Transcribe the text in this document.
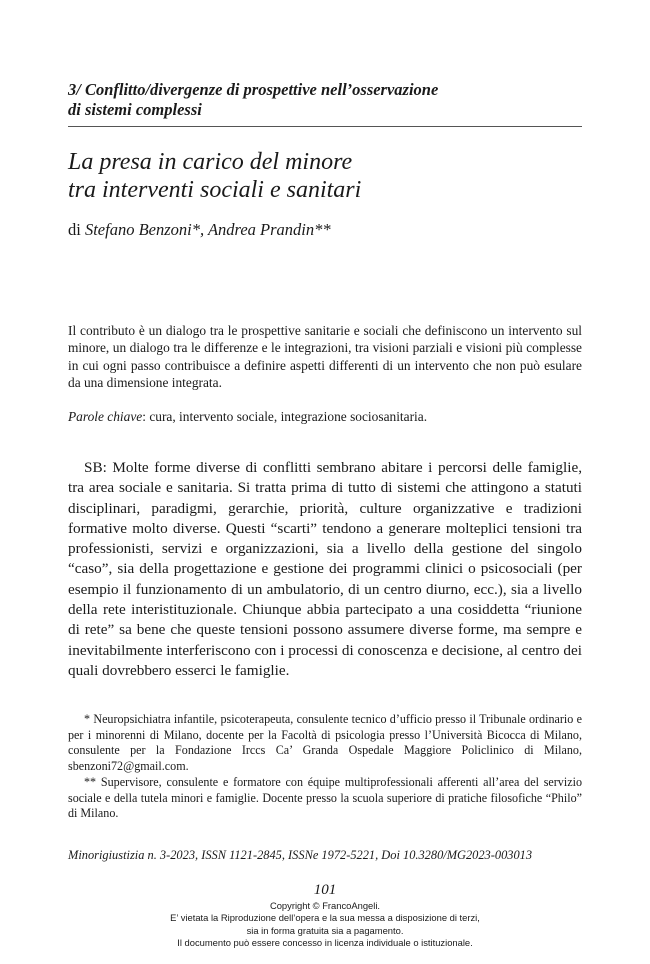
3/ Conflitto/divergenze di prospettive nell’osservazione
di sistemi complessi
La presa in carico del minore
tra interventi sociali e sanitari
di Stefano Benzoni*, Andrea Prandin**
Il contributo è un dialogo tra le prospettive sanitarie e sociali che definiscono un intervento sul minore, un dialogo tra le differenze e le integrazioni, tra visioni parziali e visioni più complesse in cui ogni passo contribuisce a definire aspetti differenti di un intervento che non può esulare da una dimensione integrata.
Parole chiave: cura, intervento sociale, integrazione sociosanitaria.
SB: Molte forme diverse di conflitti sembrano abitare i percorsi delle famiglie, tra area sociale e sanitaria. Si tratta prima di tutto di sistemi che attingono a statuti disciplinari, paradigmi, gerarchie, priorità, culture organizzative e tradizioni formative molto diverse. Questi “scarti” tendono a generare molteplici tensioni tra professionisti, servizi e organizzazioni, sia a livello della gestione del singolo “caso”, sia della progettazione e gestione dei programmi clinici o psicosociali (per esempio il funzionamento di un ambulatorio, di un centro diurno, ecc.), sia a livello della rete interistituzionale. Chiunque abbia partecipato a una cosiddetta “riunione di rete” sa bene che queste tensioni possono assumere diverse forme, ma sempre e inevitabilmente interferiscono con i processi di conoscenza e decisione, al centro dei quali dovrebbero esserci le famiglie.

* Neuropsichiatra infantile, psicoterapeuta, consulente tecnico d’ufficio presso il Tribunale ordinario e per i minorenni di Milano, docente per la Facoltà di psicologia presso l’Università Bicocca di Milano, consulente per la Fondazione Irccs Ca’ Granda Ospedale Maggiore Policlinico di Milano, sbenzoni72@gmail.com.

** Supervisore, consulente e formatore con équipe multiprofessionali afferenti all’area del servizio sociale e della tutela minori e famiglie. Docente presso la scuola superiore di pratiche filosofiche “Philo” di Milano.

Minorigiustizia n. 3-2023, ISSN 1121-2845, ISSNe 1972-5221, Doi 10.3280/MG2023-003013
101
Copyright © FrancoAngeli.
E’ vietata la Riproduzione dell’opera e la sua messa a disposizione di terzi,
sia in forma gratuita sia a pagamento.
Il documento può essere concesso in licenza individuale o istituzionale.
